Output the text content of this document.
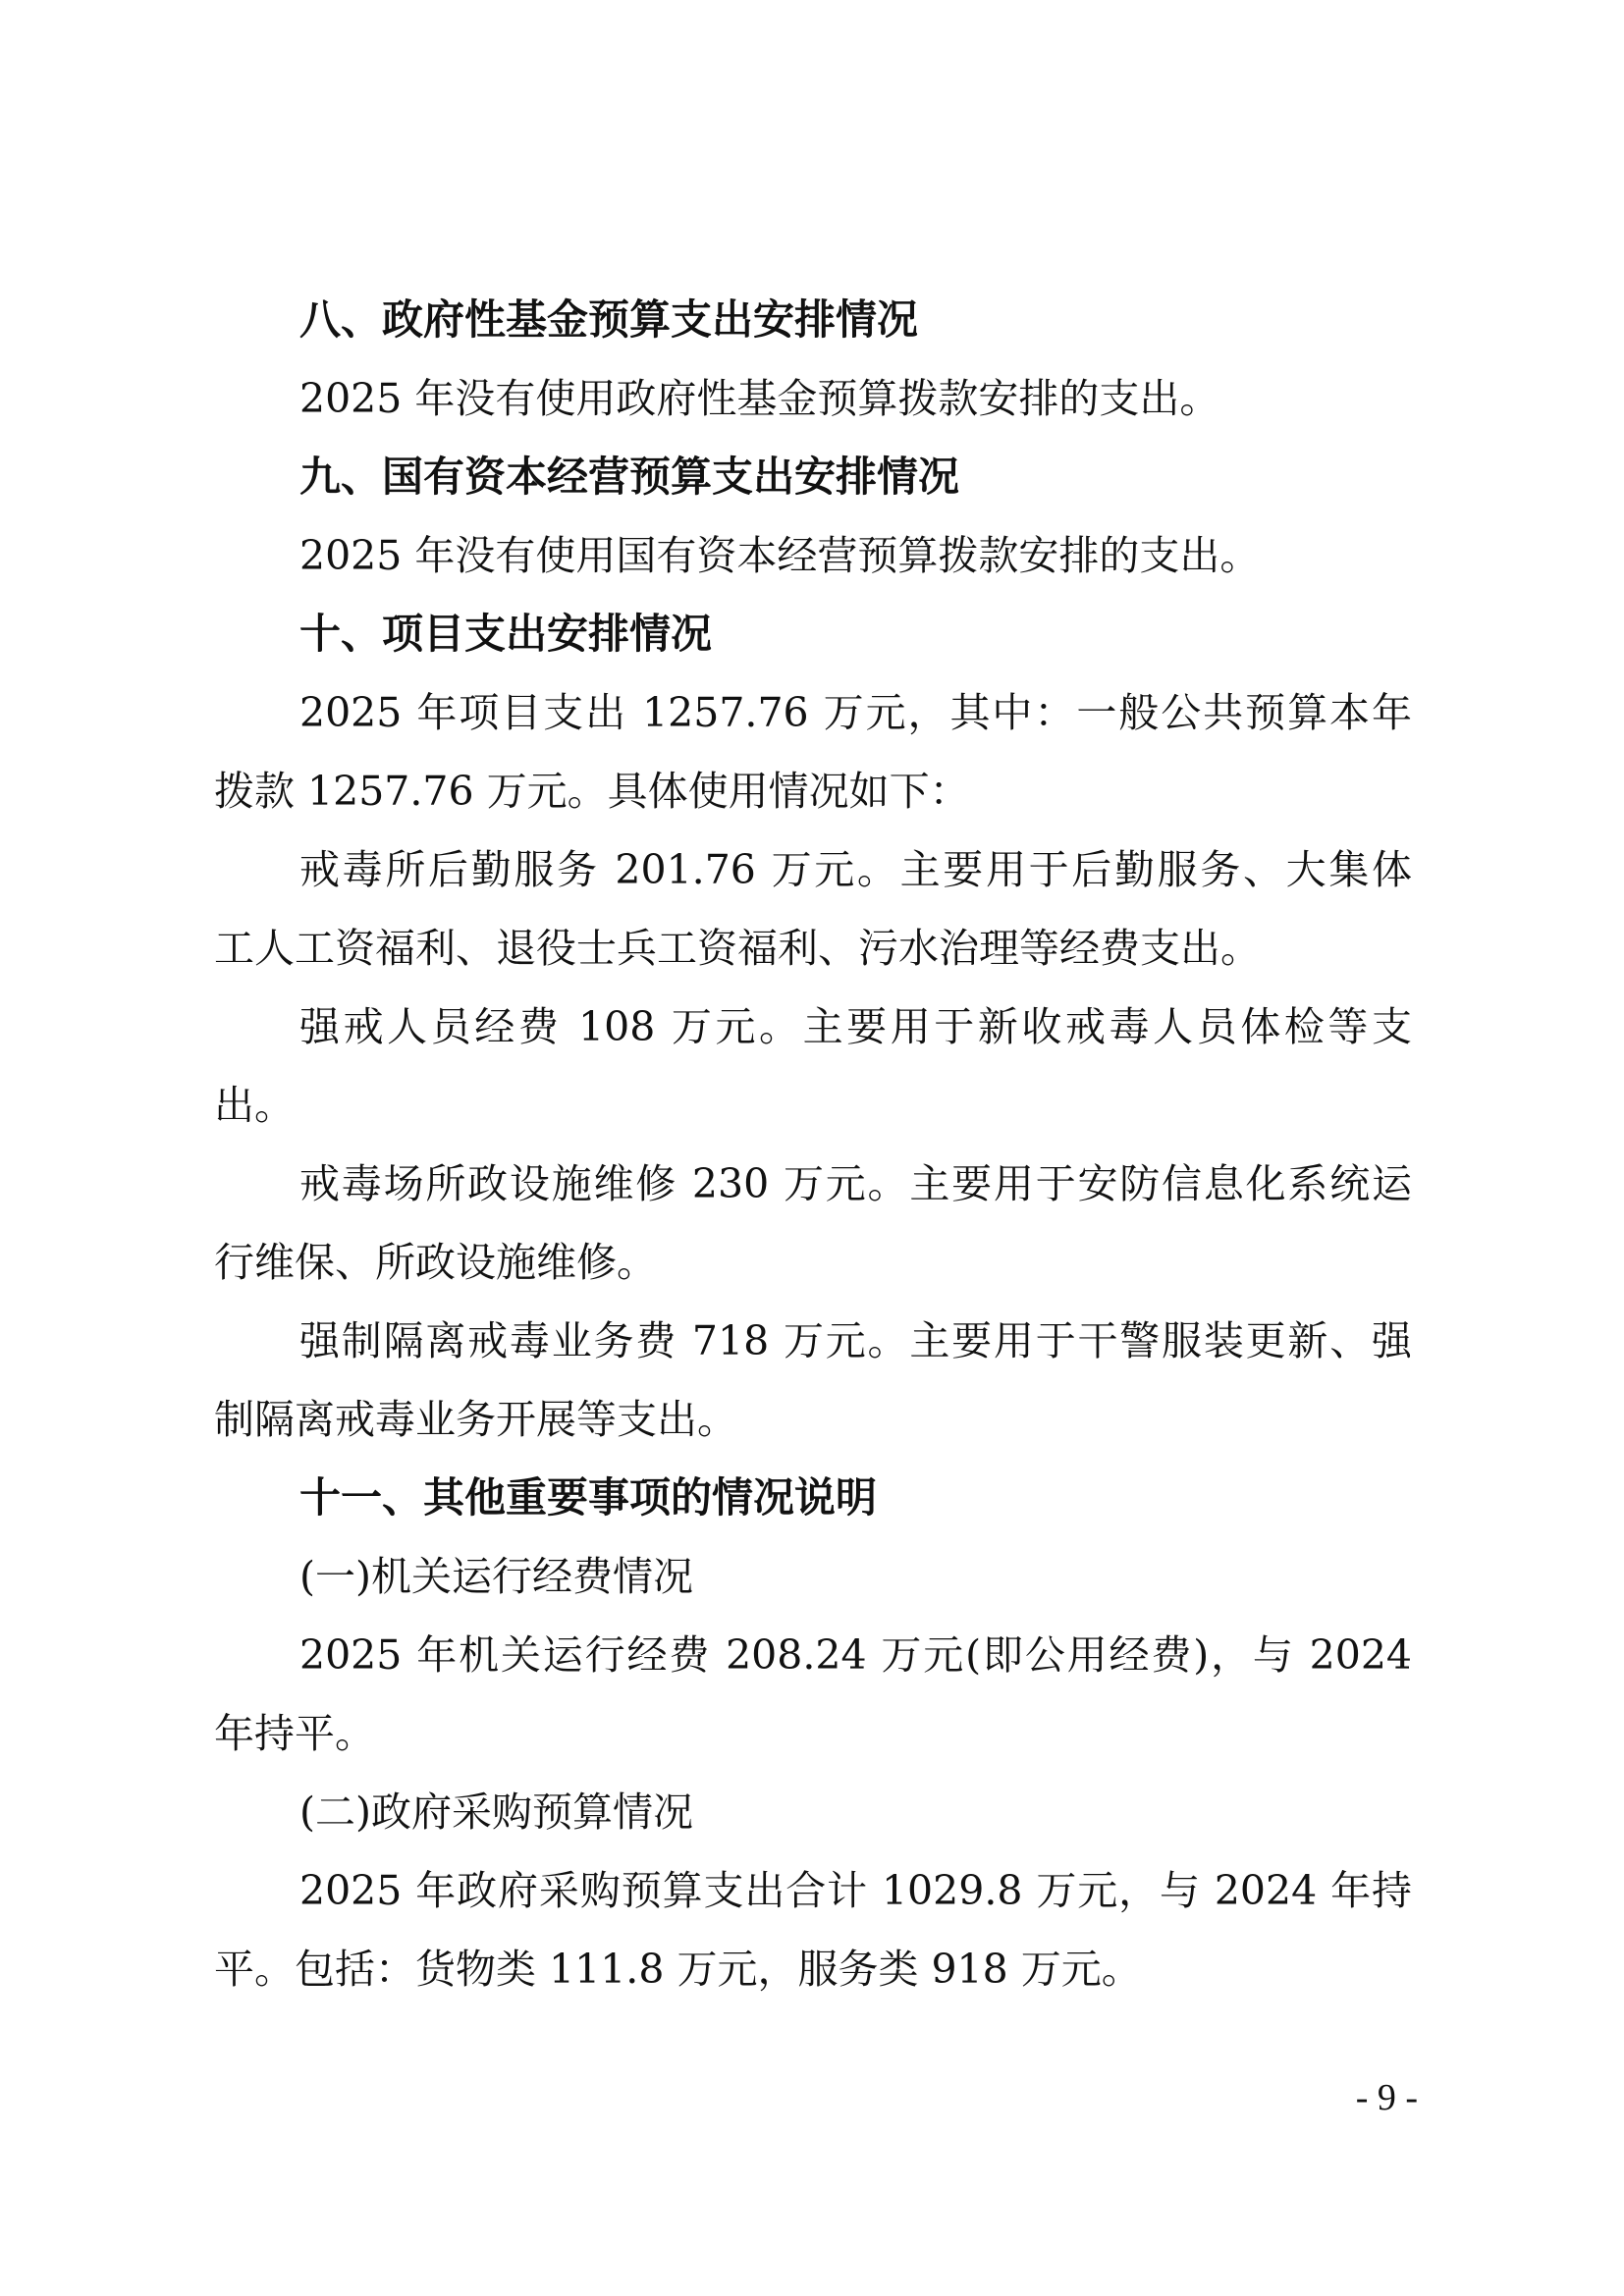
八、政府性基金预算支出安排情况
2025 年没有使用政府性基金预算拨款安排的支出。
九、国有资本经营预算支出安排情况
2025 年没有使用国有资本经营预算拨款安排的支出。
十、项目支出安排情况
2025 年项目支出 1257.76 万元，其中：一般公共预算本年
拨款 1257.76 万元。具体使用情况如下：
戒毒所后勤服务 201.76 万元。主要用于后勤服务、大集体
工人工资福利、退役士兵工资福利、污水治理等经费支出。
强戒人员经费 108 万元。主要用于新收戒毒人员体检等支
出。
戒毒场所政设施维修 230 万元。主要用于安防信息化系统运
行维保、所政设施维修。
强制隔离戒毒业务费 718 万元。主要用于干警服装更新、强
制隔离戒毒业务开展等支出。
十一、其他重要事项的情况说明
(一)机关运行经费情况
2025 年机关运行经费 208.24 万元(即公用经费)，与 2024
年持平。
(二)政府采购预算情况
2025 年政府采购预算支出合计 1029.8 万元，与 2024 年持
平。包括：货物类 111.8 万元，服务类 918 万元。
- 9 -
